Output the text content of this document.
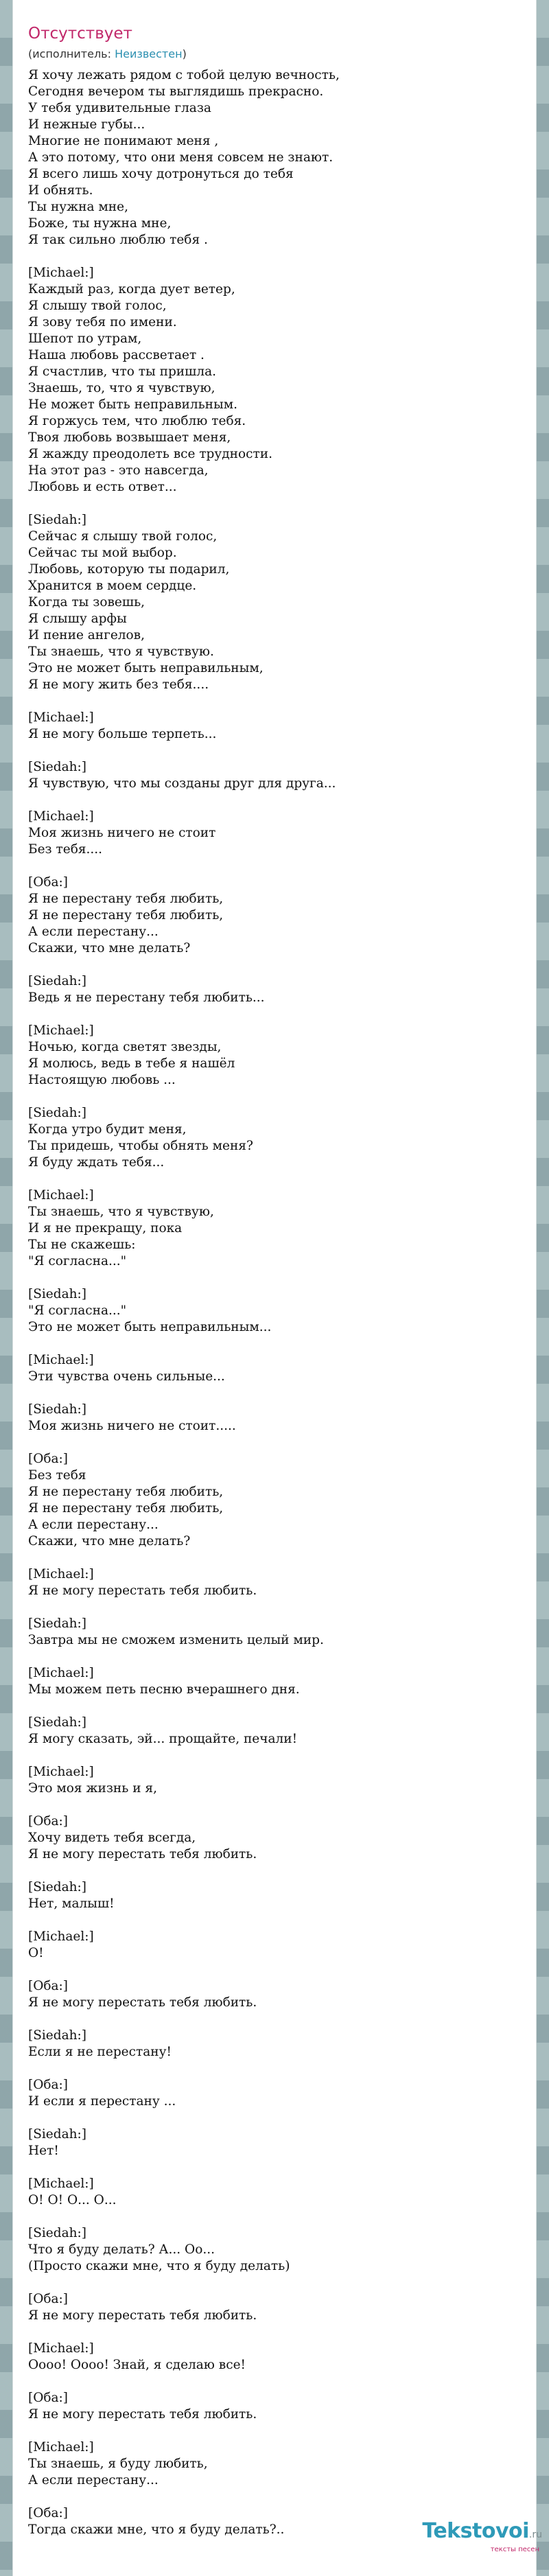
Отсутствует
(исполнитель: Неизвестен)
Я хочу лежать рядом с тобой целую вечность,
Сегодня вечером ты выглядишь прекрасно.
У тебя удивительные глаза
И нежные губы...
Многие не понимают меня ,
А это потому, что они меня совсем не знают.
Я всего лишь хочу дотронуться до тебя
И обнять.
Ты нужна мне,
Боже, ты нужна мне,
Я так сильно люблю тебя .
[Michael:]
Каждый раз, когда дует ветер,
Я слышу твой голос,
Я зову тебя по имени.
Шепот по утрам,
Наша любовь рассветает .
Я счастлив, что ты пришла.
Знаешь, то, что я чувствую,
Не может быть неправильным.
Я горжусь тем, что люблю тебя.
Твоя любовь возвышает меня,
Я жажду преодолеть все трудности.
На этот раз - это навсегда,
Любовь и есть ответ...
[Siedah:]
Сейчас я слышу твой голос,
Сейчас ты мой выбор.
Любовь, которую ты подарил,
Хранится в моем сердце.
Когда ты зовешь,
Я слышу арфы
И пение ангелов,
Ты знаешь, что я чувствую.
Это не может быть неправильным,
Я не могу жить без тебя....
[Michael:]
Я не могу больше терпеть...
[Siedah:]
Я чувствую, что мы созданы друг для друга...
[Michael:]
Моя жизнь ничего не стоит
Без тебя....
[Оба:]
Я не перестану тебя любить,
Я не перестану тебя любить,
А если перестану...
Скажи, что мне делать?
[Siedah:]
Ведь я не перестану тебя любить...
[Michael:]
Ночью, когда светят звезды,
Я молюсь, ведь в тебе я нашёл
Настоящую любовь ...
[Siedah:]
Когда утро будит меня,
Ты придешь, чтобы обнять меня?
Я буду ждать тебя...
[Michael:]
Ты знаешь, что я чувствую,
И я не прекращу, пока
Ты не скажешь:
"Я согласна..."
[Siedah:]
"Я согласна..."
Это не может быть неправильным...
[Michael:]
Эти чувства очень сильные...
[Siedah:]
Моя жизнь ничего не стоит.....
[Оба:]
Без тебя
Я не перестану тебя любить,
Я не перестану тебя любить,
А если перестану...
Скажи, что мне делать?
[Michael:]
Я не могу перестать тебя любить.
[Siedah:]
Завтра мы не сможем изменить целый мир.
[Michael:]
Мы можем петь песню вчерашнего дня.
[Siedah:]
Я могу сказать, эй... прощайте, печали!
[Michael:]
Это моя жизнь и я,
[Оба:]
Хочу видеть тебя всегда,
Я не могу перестать тебя любить.
[Siedah:]
Нет, малыш!
[Michael:]
О!
[Оба:]
Я не могу перестать тебя любить.
[Siedah:]
Если я не перестану!
[Оба:]
И если я перестану ...
[Siedah:]
Нет!
[Michael:]
О! О! О... О...
[Siedah:]
Что я буду делать? А... Оо...
(Просто скажи мне, что я буду делать)
[Оба:]
Я не могу перестать тебя любить.
[Michael:]
Оооо! Оооо! Знай, я сделаю все!
[Оба:]
Я не могу перестать тебя любить.
[Michael:]
Ты знаешь, я буду любить,
А если перестану...
[Оба:]
Тогда скажи мне, что я буду делать?..	Tekstovoi.ru
тексты песен
